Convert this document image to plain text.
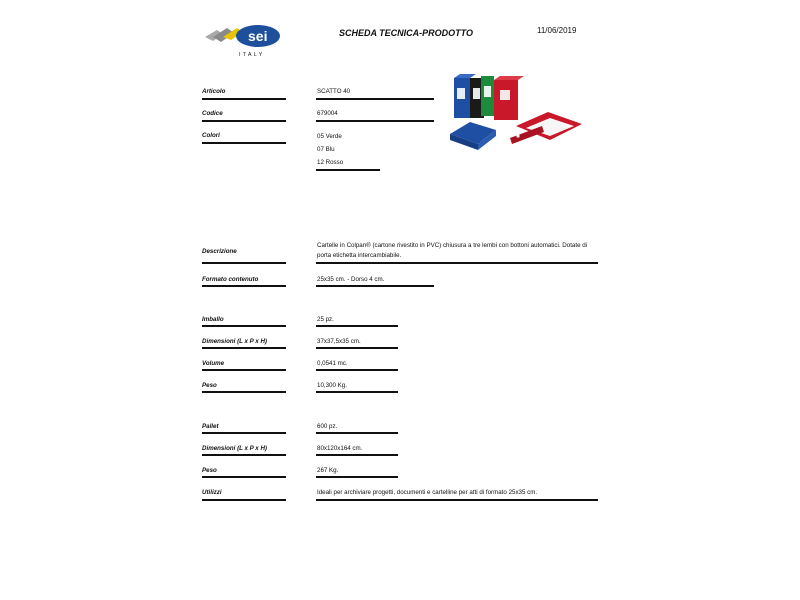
sei
ITALY
SCHEDA TECNICA-PRODOTTO	11/06/2019
Articolo	SCATTO 40
Codice	679004
Colori	05 Verde
07 Blu
12 Rosso
Descrizione
Cartelle in Colpan® (cartone rivestito in PVC) chiusura a tre lembi con bottoni automatici. Dotate di porta etichetta intercambiabile.
Formato contenuto	25x35 cm. - Dorso 4 cm.
Imballo	25 pz.
Dimensioni (L x P x H)	37x37,5x35 cm.
Volume	0,0541 mc.
Peso	10,300 Kg.
Pallet	600 pz.
Dimensioni (L x P x H)	80x120x164 cm.
Peso	267 Kg.
Utilizzi	Ideali per archiviare progetti, documenti e cartelline per atti di formato 25x35 cm.
